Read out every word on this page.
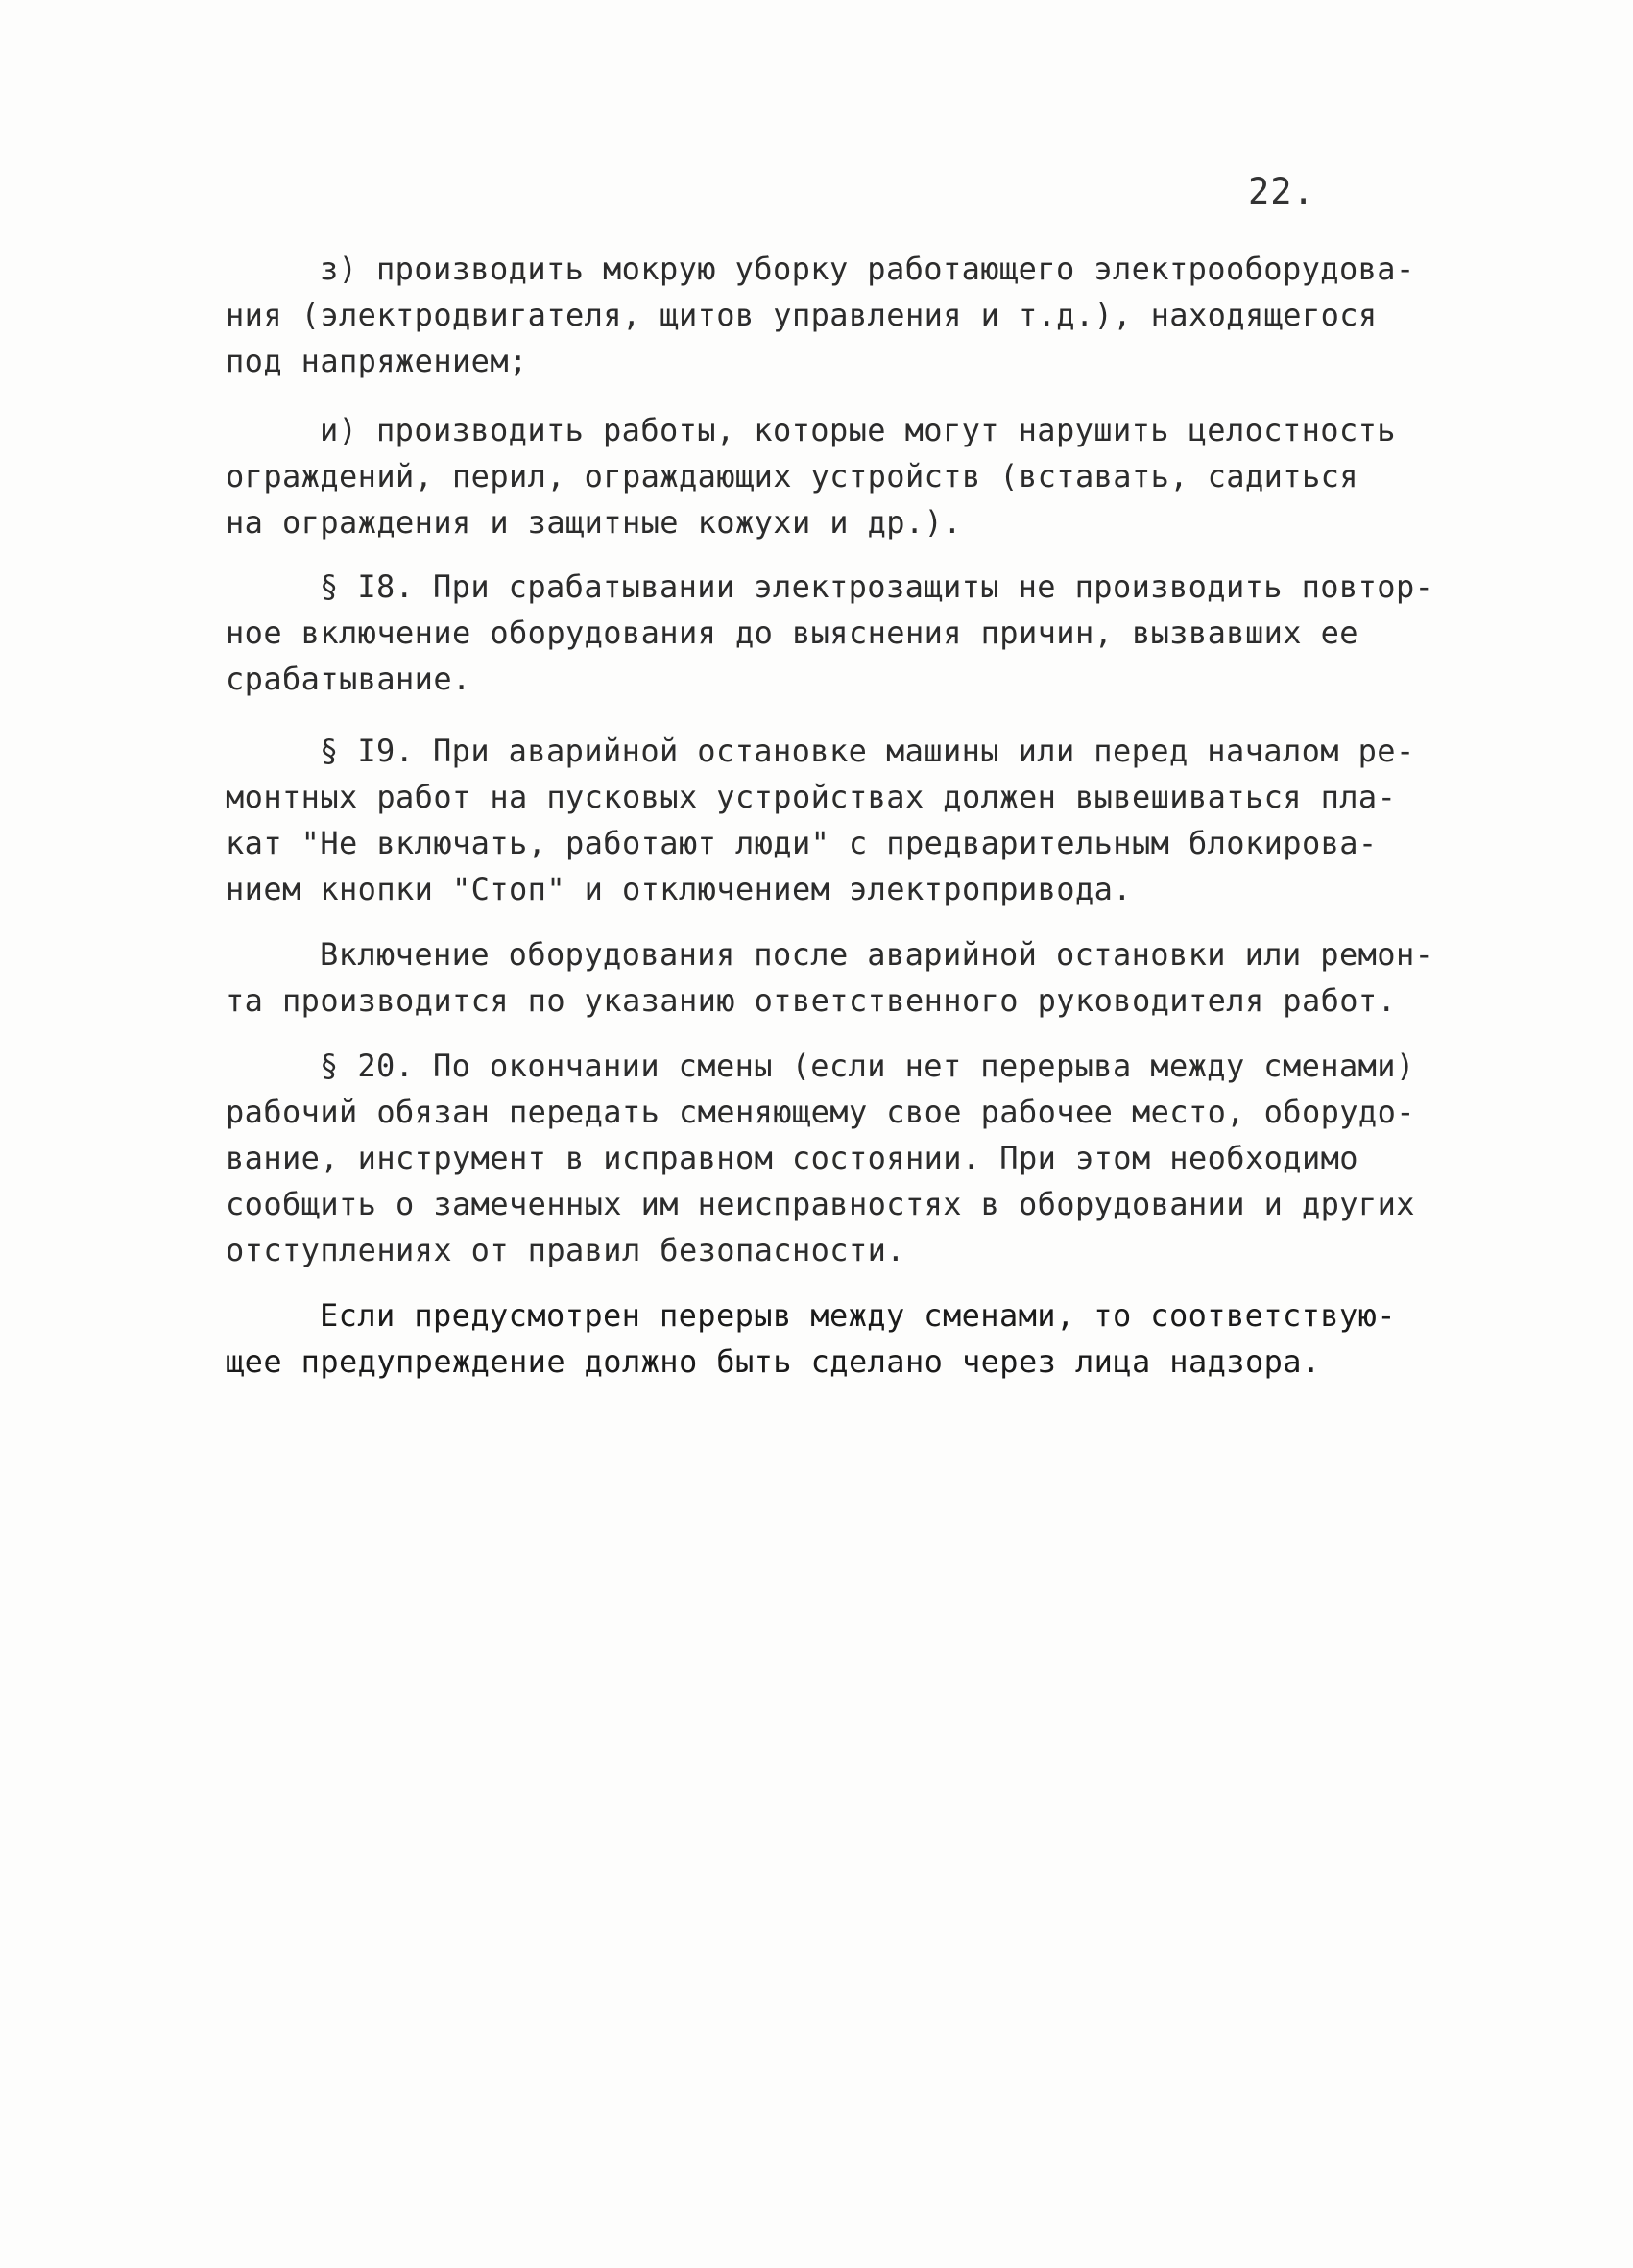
22.
з) производить мокрую уборку работающего электрооборудова-
ния (электродвигателя, щитов управления и т.д.), находящегося
под напряжением;
и) производить работы, которые могут нарушить целостность
ограждений, перил, ограждающих устройств (вставать, садиться
на ограждения и защитные кожухи и др.).
§ I8. При срабатывании электрозащиты не производить повтор-
ное включение оборудования до выяснения причин, вызвавших ее
срабатывание.
§ I9. При аварийной остановке машины или перед началом ре-
монтных работ на пусковых устройствах должен вывешиваться пла-
кат "Не включать, работают люди" с предварительным блокирова-
нием кнопки "Стоп" и отключением электропривода.
Включение оборудования после аварийной остановки или ремон-
та производится по указанию ответственного руководителя работ.
§ 20. По окончании смены (если нет перерыва между сменами)
рабочий обязан передать сменяющему свое рабочее место, оборудо-
вание, инструмент в исправном состоянии. При этом необходимо
сообщить о замеченных им неисправностях в оборудовании и других
отступлениях от правил безопасности.
Если предусмотрен перерыв между сменами, то соответствую-
щее предупреждение должно быть сделано через лица надзора.
